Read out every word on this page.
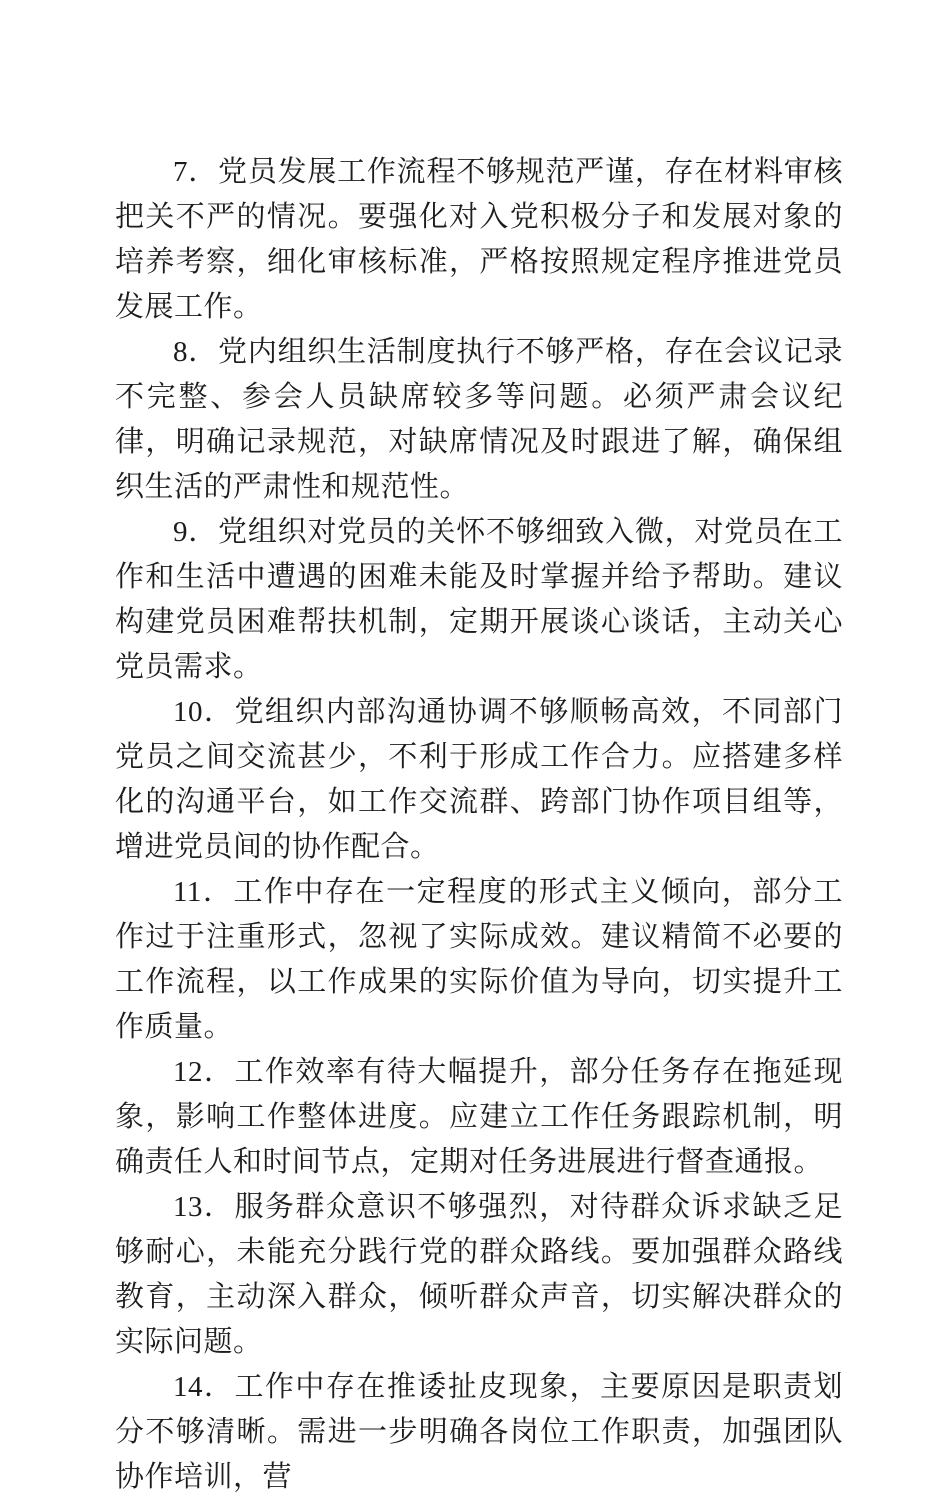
7．党员发展工作流程不够规范严谨，存在材料审核把关不严的情况。要强化对入党积极分子和发展对象的培养考察，细化审核标准，严格按照规定程序推进党员发展工作。

8．党内组织生活制度执行不够严格，存在会议记录不完整、参会人员缺席较多等问题。必须严肃会议纪律，明确记录规范，对缺席情况及时跟进了解，确保组织生活的严肃性和规范性。

9．党组织对党员的关怀不够细致入微，对党员在工作和生活中遭遇的困难未能及时掌握并给予帮助。建议构建党员困难帮扶机制，定期开展谈心谈话，主动关心党员需求。

10．党组织内部沟通协调不够顺畅高效，不同部门党员之间交流甚少，不利于形成工作合力。应搭建多样化的沟通平台，如工作交流群、跨部门协作项目组等，增进党员间的协作配合。

11．工作中存在一定程度的形式主义倾向，部分工作过于注重形式，忽视了实际成效。建议精简不必要的工作流程，以工作成果的实际价值为导向，切实提升工作质量。

12．工作效率有待大幅提升，部分任务存在拖延现象，影响工作整体进度。应建立工作任务跟踪机制，明确责任人和时间节点，定期对任务进展进行督查通报。

13．服务群众意识不够强烈，对待群众诉求缺乏足够耐心，未能充分践行党的群众路线。要加强群众路线教育，主动深入群众，倾听群众声音，切实解决群众的实际问题。

14．工作中存在推诿扯皮现象，主要原因是职责划分不够清晰。需进一步明确各岗位工作职责，加强团队协作培训，营
